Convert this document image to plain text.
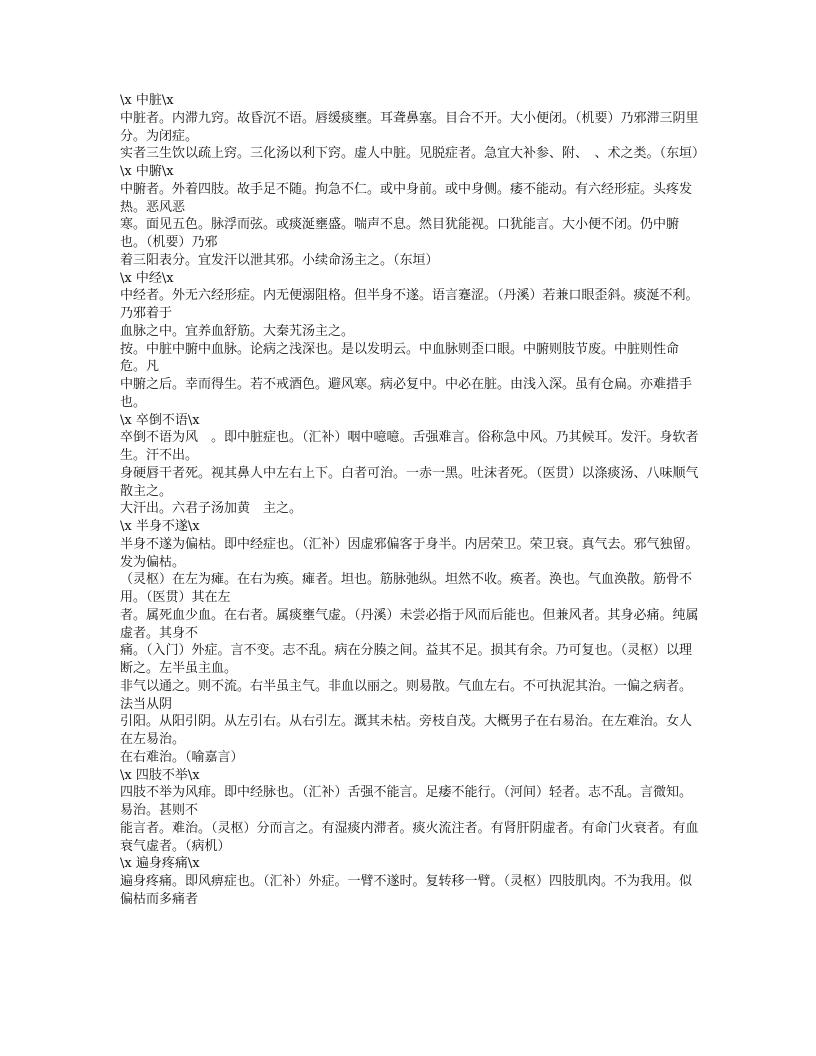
\x 中脏\x
中脏者。内滞九窍。故昏沉不语。唇缓痰壅。耳聋鼻塞。目合不开。大小便闭。（机要）乃邪滞三阴里分。为闭症。
实者三生饮以疏上窍。三化汤以利下窍。虚人中脏。见脱症者。急宜大补参、附、　、术之类。（东垣）
\x 中腑\x
中腑者。外着四肢。故手足不随。拘急不仁。或中身前。或中身侧。痿不能动。有六经形症。头疼发热。恶风恶
寒。面见五色。脉浮而弦。或痰涎壅盛。喘声不息。然目犹能视。口犹能言。大小便不闭。仍中腑也。（机要）乃邪
着三阳表分。宜发汗以泄其邪。小续命汤主之。（东垣）
\x 中经\x
中经者。外无六经形症。内无便溺阻格。但半身不遂。语言蹇涩。（丹溪）若兼口眼歪斜。痰涎不利。乃邪着于
血脉之中。宜养血舒筋。大秦艽汤主之。
按。中脏中腑中血脉。论病之浅深也。是以发明云。中血脉则歪口眼。中腑则肢节废。中脏则性命危。凡
中腑之后。幸而得生。若不戒酒色。避风寒。病必复中。中必在脏。由浅入深。虽有仓扁。亦难措手也。
\x 卒倒不语\x
卒倒不语为风　。即中脏症也。（汇补）咽中噫噫。舌强难言。俗称急中风。乃其候耳。发汗。身软者生。汗不出。
身硬唇干者死。视其鼻人中左右上下。白者可治。一赤一黑。吐沫者死。（医贯）以涤痰汤、八味顺气散主之。
大汗出。六君子汤加黄　主之。
\x 半身不遂\x
半身不遂为偏枯。即中经症也。（汇补）因虚邪偏客于身半。内居荣卫。荣卫衰。真气去。邪气独留。发为偏枯。
（灵枢）在左为瘫。在右为痪。瘫者。坦也。筋脉弛纵。坦然不收。痪者。涣也。气血涣散。筋骨不用。（医贯）其在左
者。属死血少血。在右者。属痰壅气虚。（丹溪）未尝必指于风而后能也。但兼风者。其身必痛。纯属虚者。其身不
痛。（入门）外症。言不变。志不乱。病在分腠之间。益其不足。损其有余。乃可复也。（灵枢）以理断之。左半虽主血。
非气以通之。则不流。右半虽主气。非血以丽之。则易散。气血左右。不可执泥其治。一偏之病者。法当从阴
引阳。从阳引阴。从左引右。从右引左。溉其未枯。旁枝自茂。大概男子在右易治。在左难治。女人在左易治。
在右难治。（喻嘉言）
\x 四肢不举\x
四肢不举为风痱。即中经脉也。（汇补）舌强不能言。足痿不能行。（河间）轻者。志不乱。言微知。易治。甚则不
能言者。难治。（灵枢）分而言之。有湿痰内滞者。痰火流注者。有肾肝阴虚者。有命门火衰者。有血衰气虚者。（病机）
\x 遍身疼痛\x
遍身疼痛。即风痹症也。（汇补）外症。一臂不遂时。复转移一臂。（灵枢）四肢肌肉。不为我用。似偏枯而多痛者
